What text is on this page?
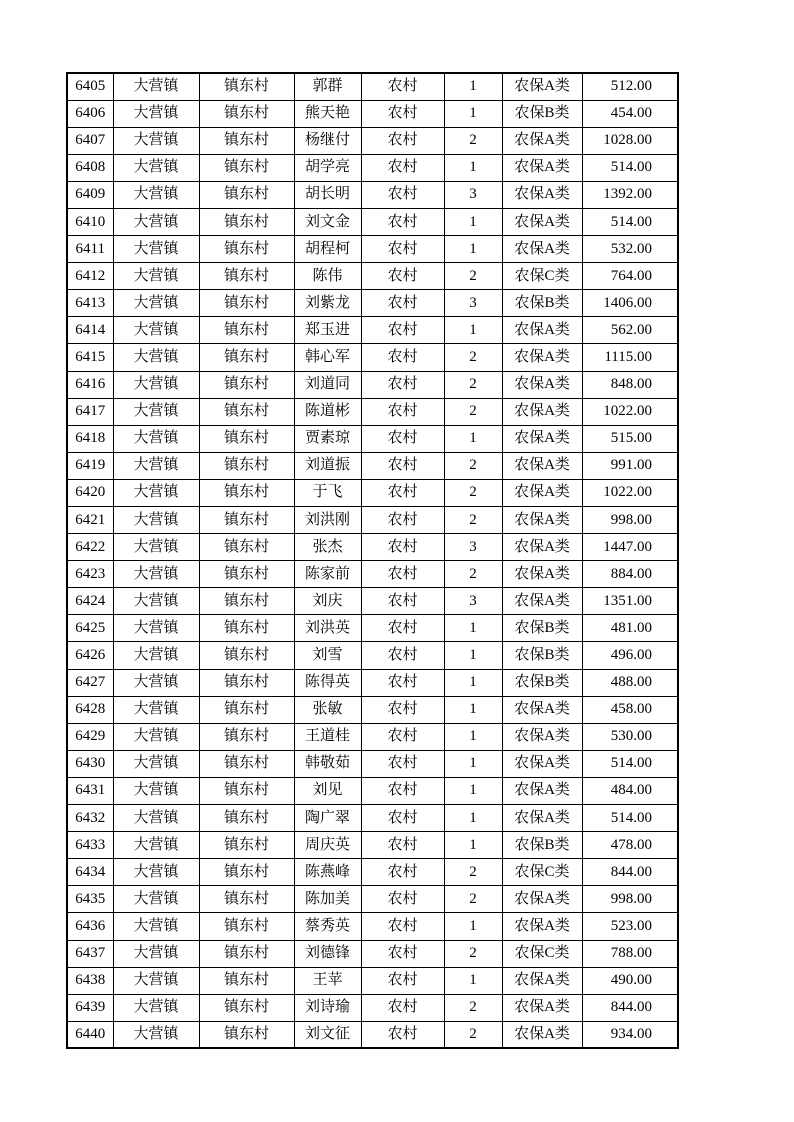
6405	大营镇	镇东村	郭群	农村	1	农保A类	512.00
6406	大营镇	镇东村	熊天艳	农村	1	农保B类	454.00
6407	大营镇	镇东村	杨继付	农村	2	农保A类	1028.00
6408	大营镇	镇东村	胡学亮	农村	1	农保A类	514.00
6409	大营镇	镇东村	胡长明	农村	3	农保A类	1392.00
6410	大营镇	镇东村	刘文金	农村	1	农保A类	514.00
6411	大营镇	镇东村	胡程柯	农村	1	农保A类	532.00
6412	大营镇	镇东村	陈伟	农村	2	农保C类	764.00
6413	大营镇	镇东村	刘紫龙	农村	3	农保B类	1406.00
6414	大营镇	镇东村	郑玉进	农村	1	农保A类	562.00
6415	大营镇	镇东村	韩心军	农村	2	农保A类	1115.00
6416	大营镇	镇东村	刘道同	农村	2	农保A类	848.00
6417	大营镇	镇东村	陈道彬	农村	2	农保A类	1022.00
6418	大营镇	镇东村	贾素琼	农村	1	农保A类	515.00
6419	大营镇	镇东村	刘道振	农村	2	农保A类	991.00
6420	大营镇	镇东村	于飞	农村	2	农保A类	1022.00
6421	大营镇	镇东村	刘洪刚	农村	2	农保A类	998.00
6422	大营镇	镇东村	张杰	农村	3	农保A类	1447.00
6423	大营镇	镇东村	陈家前	农村	2	农保A类	884.00
6424	大营镇	镇东村	刘庆	农村	3	农保A类	1351.00
6425	大营镇	镇东村	刘洪英	农村	1	农保B类	481.00
6426	大营镇	镇东村	刘雪	农村	1	农保B类	496.00
6427	大营镇	镇东村	陈得英	农村	1	农保B类	488.00
6428	大营镇	镇东村	张敏	农村	1	农保A类	458.00
6429	大营镇	镇东村	王道桂	农村	1	农保A类	530.00
6430	大营镇	镇东村	韩敬茹	农村	1	农保A类	514.00
6431	大营镇	镇东村	刘见	农村	1	农保A类	484.00
6432	大营镇	镇东村	陶广翠	农村	1	农保A类	514.00
6433	大营镇	镇东村	周庆英	农村	1	农保B类	478.00
6434	大营镇	镇东村	陈燕峰	农村	2	农保C类	844.00
6435	大营镇	镇东村	陈加美	农村	2	农保A类	998.00
6436	大营镇	镇东村	蔡秀英	农村	1	农保A类	523.00
6437	大营镇	镇东村	刘德锋	农村	2	农保C类	788.00
6438	大营镇	镇东村	王苹	农村	1	农保A类	490.00
6439	大营镇	镇东村	刘诗瑜	农村	2	农保A类	844.00
6440	大营镇	镇东村	刘文征	农村	2	农保A类	934.00
